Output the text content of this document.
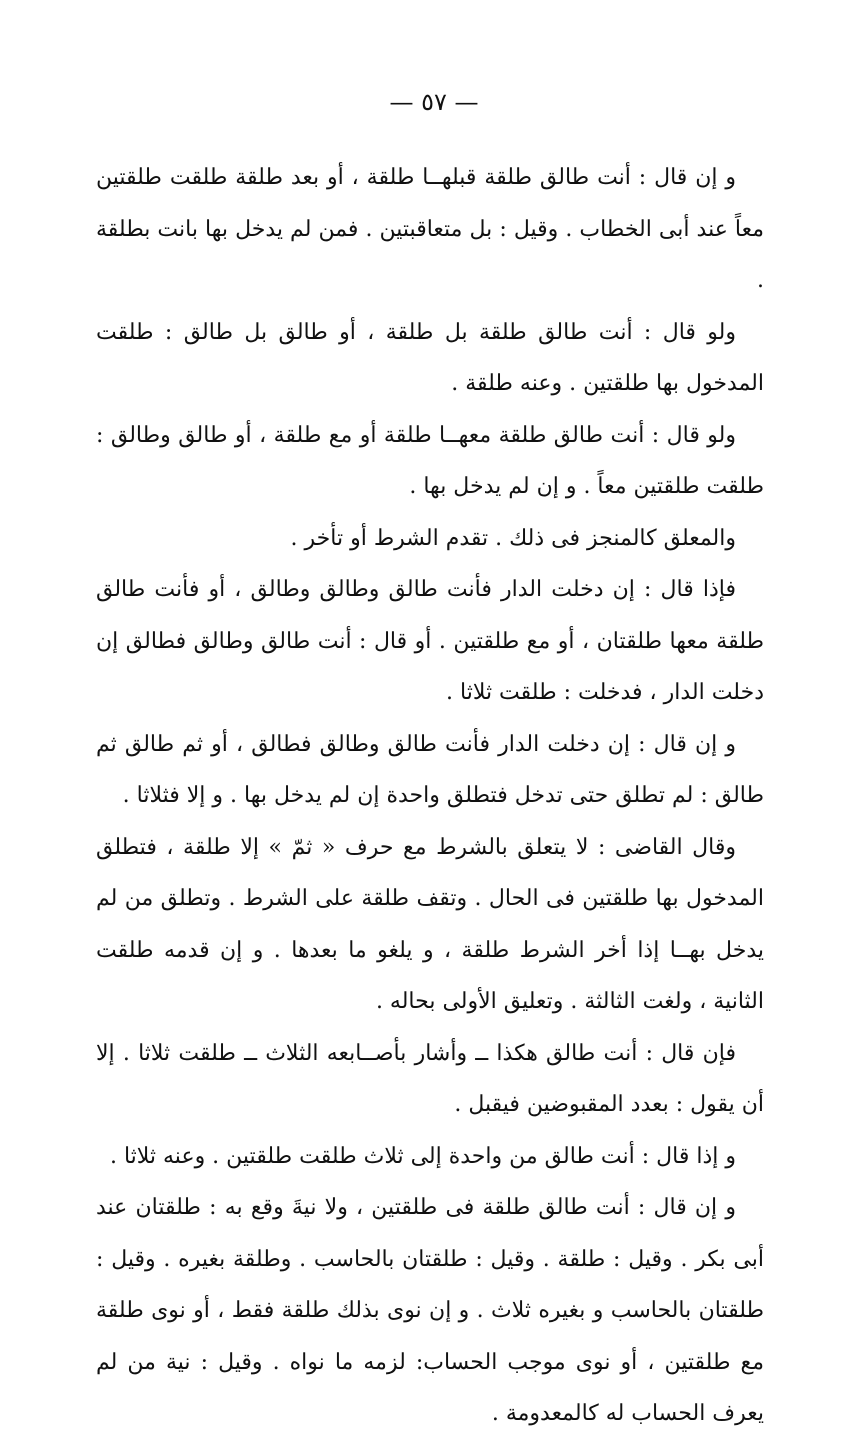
— ٥٧ —

و إن قال : أنت طالق طلقة قبلهــا طلقة ، أو بعد طلقة طلقت طلقتين معاً عند أبى الخطاب . وقيل : بل متعاقبتين . فمن لم يدخل بها بانت بطلقة .

ولو قال : أنت طالق طلقة بل طلقة ، أو طالق بل طالق : طلقت المدخول بها طلقتين . وعنه طلقة .

ولو قال : أنت طالق طلقة معهــا طلقة أو مع طلقة ، أو طالق وطالق : طلقت طلقتين معاً . و إن لم يدخل بها .

والمعلق كالمنجز فى ذلك . تقدم الشرط أو تأخر .

فإذا قال : إن دخلت الدار فأنت طالق وطالق وطالق ، أو فأنت طالق طلقة معها طلقتان ، أو مع طلقتين . أو قال : أنت طالق وطالق فطالق إن دخلت الدار ، فدخلت : طلقت ثلاثا .

و إن قال : إن دخلت الدار فأنت طالق وطالق فطالق ، أو ثم طالق ثم طالق : لم تطلق حتى تدخل فتطلق واحدة إن لم يدخل بها . و إلا فثلاثا .

وقال القاضى : لا يتعلق بالشرط مع حرف « ثمّ » إلا طلقة ، فتطلق المدخول بها طلقتين فى الحال . وتقف طلقة على الشرط . وتطلق من لم يدخل بهــا إذا أخر الشرط طلقة ، و يلغو ما بعدها . و إن قدمه طلقت الثانية ، ولغت الثالثة . وتعليق الأولى بحاله .

فإن قال : أنت طالق هكذا ــ وأشار بأصــابعه الثلاث ــ طلقت ثلاثا . إلا أن يقول : بعدد المقبوضين فيقبل .

و إذا قال : أنت طالق من واحدة إلى ثلاث طلقت طلقتين . وعنه ثلاثا .

و إن قال : أنت طالق طلقة فى طلقتين ، ولا نيةَ وقع به : طلقتان عند أبى بكر . وقيل : طلقة . وقيل : طلقتان بالحاسب . وطلقة بغيره . وقيل : طلقتان بالحاسب و بغيره ثلاث . و إن نوى بذلك طلقة فقط ، أو نوى طلقة مع طلقتين ، أو نوى موجب الحساب: لزمه ما نواه . وقيل : نية من لم يعرف الحساب له كالمعدومة .
